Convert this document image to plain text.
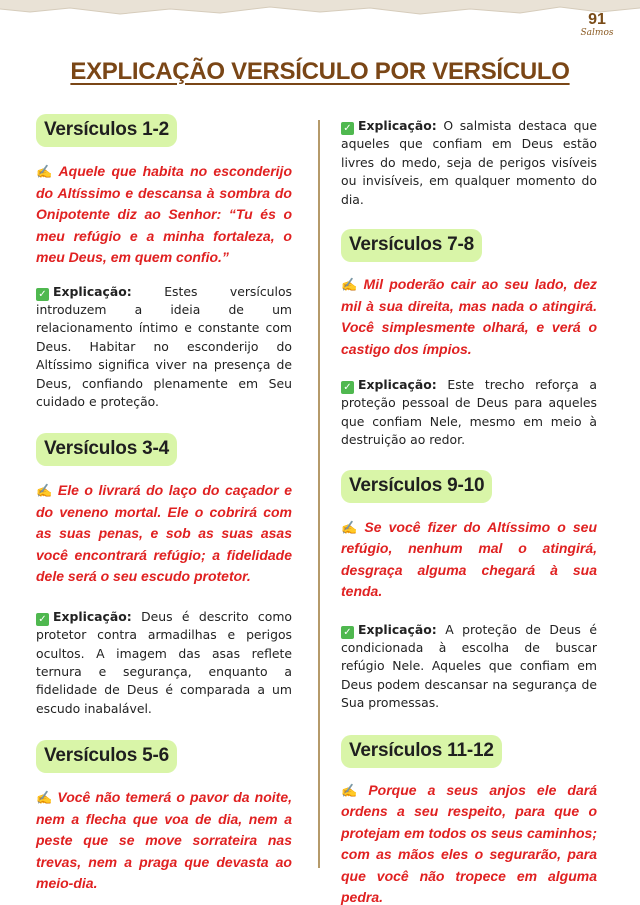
91
Salmos
EXPLICAÇÃO VERSÍCULO POR VERSÍCULO
Versículos 1-2

✍ Aquele que habita no esconderijo do Altíssimo e descansa à sombra do Onipotente diz ao Senhor: “Tu és o meu refúgio e a minha fortaleza, o meu Deus, em quem confio.”

✓ Explicação:	Estes versículos introduzem a ideia de um relacionamento íntimo e constante com Deus. Habitar no esconderijo do Altíssimo significa viver na presença de Deus, confiando plenamente em Seu cuidado e proteção.

Versículos 3-4

✍ Ele o livrará do laço do caçador e do veneno mortal. Ele o cobrirá com as suas penas, e sob as suas asas você encontrará refúgio; a fidelidade dele será o seu escudo protetor.

✓ Explicação: Deus é descrito como protetor contra armadilhas e perigos ocultos. A imagem das asas reflete ternura e segurança, enquanto a fidelidade de Deus é comparada a um escudo inabalável.

Versículos 5-6

✍ Você não temerá o pavor da noite, nem a flecha que voa de dia, nem a peste que se move sorrateira nas trevas, nem a praga que devasta ao meio-dia.

✓ Explicação: O salmista destaca que aqueles que confiam em Deus estão livres do medo, seja de perigos visíveis ou invisíveis, em qualquer momento do dia.

Versículos 7-8

✍ Mil poderão cair ao seu lado, dez mil à sua direita, mas nada o atingirá. Você simplesmente olhará, e verá o castigo dos ímpios.

✓ Explicação: Este trecho reforça a proteção pessoal de Deus para aqueles que confiam Nele, mesmo em meio à destruição ao redor.

Versículos 9-10

✍ Se você fizer do Altíssimo o seu refúgio, nenhum mal o atingirá, desgraça alguma chegará à sua tenda.

✓ Explicação: A proteção de Deus é condicionada à escolha de buscar refúgio Nele. Aqueles que confiam em Deus podem descansar na segurança de Sua promessas.

Versículos 11-12

✍ Porque a seus anjos ele dará ordens a seu respeito, para que o protejam em todos os seus caminhos; com as mãos eles o segurarão, para que você não tropece em alguma pedra.
